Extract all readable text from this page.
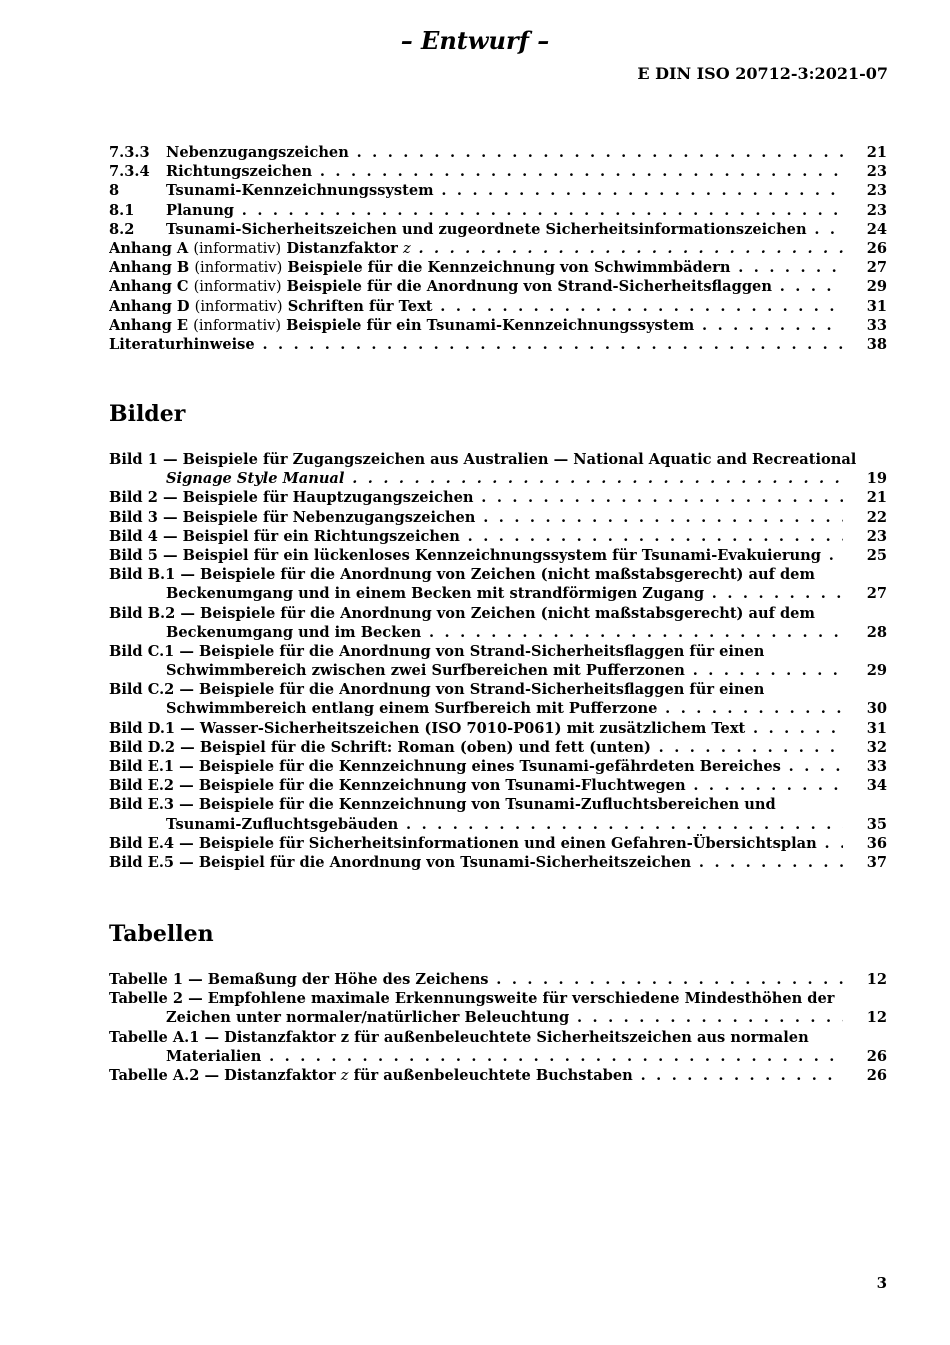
– Entwurf –
E DIN ISO 20712-3:2021-07
7.3.3 Nebenzugangszeichen . . .	21
7.3.4 Richtungszeichen . . .	23
8	Tsunami-Kennzeichnungssystem . . .	23
8.1 Planung . . .	23
8.2 Tsunami-Sicherheitszeichen und zugeordnete Sicherheitsinformationszeichen . . .	24
Anhang A (informativ) Distanzfaktor z . . .	26
Anhang B (informativ) Beispiele für die Kennzeichnung von Schwimmbädern . . .	27
Anhang C (informativ) Beispiele für die Anordnung von Strand-Sicherheitsflaggen . . .	29
Anhang D (informativ) Schriften für Text . . .	31
Anhang E (informativ) Beispiele für ein Tsunami-Kennzeichnungssystem . . .	33
Literaturhinweise . . .	38
Bilder
Bild 1 — Beispiele für Zugangszeichen aus Australien — National Aquatic and Recreational
Signage Style Manual . . .	19
Bild 2 — Beispiele für Hauptzugangszeichen . . .	21
Bild 3 — Beispiele für Nebenzugangszeichen . . .	22
Bild 4 — Beispiel für ein Richtungszeichen . . .	23
Bild 5 — Beispiel für ein lückenloses Kennzeichnungssystem für Tsunami-Evakuierung . . .	25
Bild B.1 — Beispiele für die Anordnung von Zeichen (nicht maßstabsgerecht) auf dem
Beckenumgang und in einem Becken mit strandförmigen Zugang . . .	27
Bild B.2 — Beispiele für die Anordnung von Zeichen (nicht maßstabsgerecht) auf dem
Beckenumgang und im Becken . . .	28
Bild C.1 — Beispiele für die Anordnung von Strand-Sicherheitsflaggen für einen
Schwimmbereich zwischen zwei Surfbereichen mit Pufferzonen . . .	29
Bild C.2 — Beispiele für die Anordnung von Strand-Sicherheitsflaggen für einen
Schwimmbereich entlang einem Surfbereich mit Pufferzone . . .	30
Bild D.1 — Wasser-Sicherheitszeichen (ISO 7010-P061) mit zusätzlichem Text . . .	31
Bild D.2 — Beispiel für die Schrift: Roman (oben) und fett (unten) . . .	32
Bild E.1 — Beispiele für die Kennzeichnung eines Tsunami-gefährdeten Bereiches . . .	33
Bild E.2 — Beispiele für die Kennzeichnung von Tsunami-Fluchtwegen . . .	34
Bild E.3 — Beispiele für die Kennzeichnung von Tsunami-Zufluchtsbereichen und
Tsunami-Zufluchtsgebäuden . . .	35
Bild E.4 — Beispiele für Sicherheitsinformationen und einen Gefahren-Übersichtsplan . . .	36
Bild E.5 — Beispiel für die Anordnung von Tsunami-Sicherheitszeichen . . .	37
Tabellen
Tabelle 1 — Bemaßung der Höhe des Zeichens . . .	12
Tabelle 2 — Empfohlene maximale Erkennungsweite für verschiedene Mindesthöhen der
Zeichen unter normaler/natürlicher Beleuchtung . . .	12
Tabelle A.1 — Distanzfaktor z für außenbeleuchtete Sicherheitszeichen aus normalen
Materialien . . .	26
Tabelle A.2 — Distanzfaktor z für außenbeleuchtete Buchstaben . . .	26
3
